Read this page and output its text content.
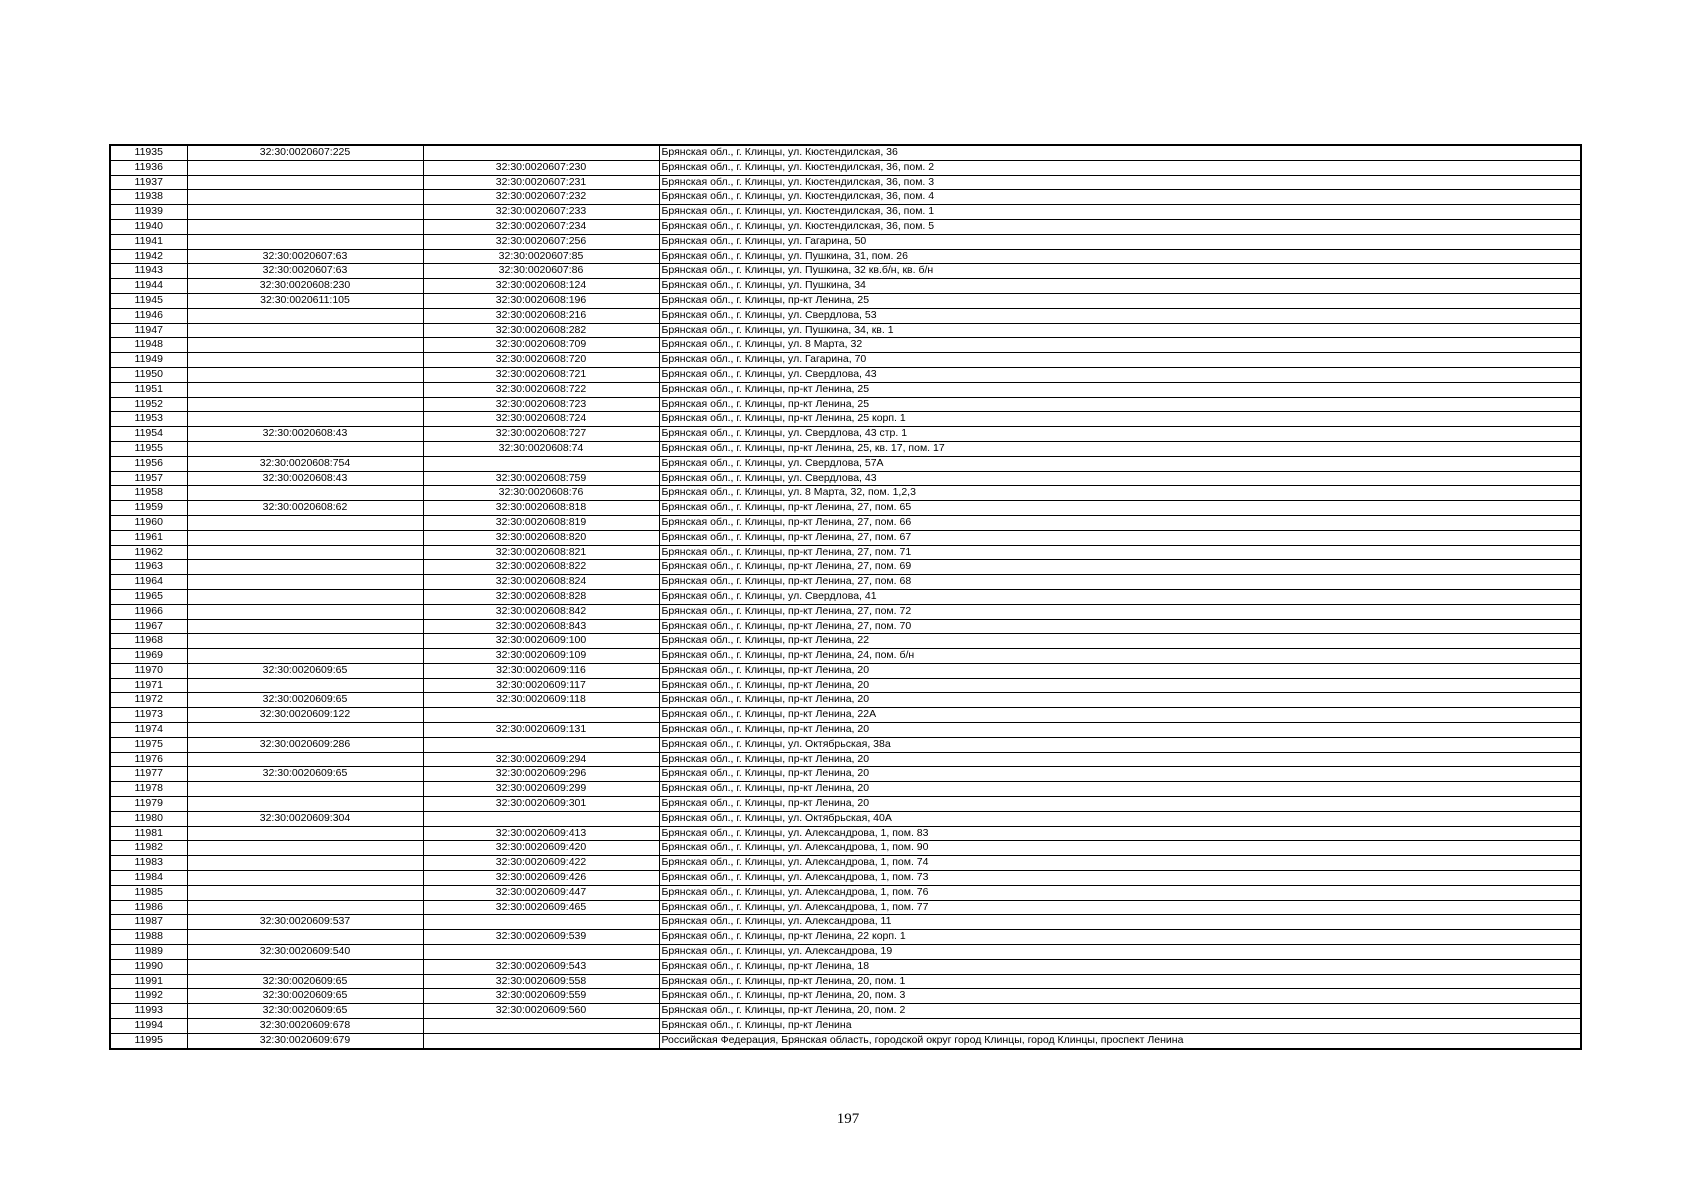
11935	32:30:0020607:225		Брянская обл., г. Клинцы, ул. Кюстендилская, 36
11936		32:30:0020607:230	Брянская обл., г. Клинцы, ул. Кюстендилская, 36, пом. 2
11937		32:30:0020607:231	Брянская обл., г. Клинцы, ул. Кюстендилская, 36, пом. 3
11938		32:30:0020607:232	Брянская обл., г. Клинцы, ул. Кюстендилская, 36, пом. 4
11939		32:30:0020607:233	Брянская обл., г. Клинцы, ул. Кюстендилская, 36, пом. 1
11940		32:30:0020607:234	Брянская обл., г. Клинцы, ул. Кюстендилская, 36, пом. 5
11941		32:30:0020607:256	Брянская обл., г. Клинцы, ул. Гагарина, 50
11942	32:30:0020607:63	32:30:0020607:85	Брянская обл., г. Клинцы, ул. Пушкина, 31, пом. 26
11943	32:30:0020607:63	32:30:0020607:86	Брянская обл., г. Клинцы, ул. Пушкина, 32 кв.б/н, кв. б/н
11944	32:30:0020608:230	32:30:0020608:124	Брянская обл., г. Клинцы, ул. Пушкина, 34
11945	32:30:0020611:105	32:30:0020608:196	Брянская обл., г. Клинцы, пр-кт Ленина, 25
11946		32:30:0020608:216	Брянская обл., г. Клинцы, ул. Свердлова, 53
11947		32:30:0020608:282	Брянская обл., г. Клинцы, ул. Пушкина, 34, кв. 1
11948		32:30:0020608:709	Брянская обл., г. Клинцы, ул. 8 Марта, 32
11949		32:30:0020608:720	Брянская обл., г. Клинцы, ул. Гагарина, 70
11950		32:30:0020608:721	Брянская обл., г. Клинцы, ул. Свердлова, 43
11951		32:30:0020608:722	Брянская обл., г. Клинцы, пр-кт Ленина, 25
11952		32:30:0020608:723	Брянская обл., г. Клинцы, пр-кт Ленина, 25
11953		32:30:0020608:724	Брянская обл., г. Клинцы, пр-кт Ленина, 25 корп. 1
11954	32:30:0020608:43	32:30:0020608:727	Брянская обл., г. Клинцы, ул. Свердлова, 43 стр. 1
11955		32:30:0020608:74	Брянская обл., г. Клинцы, пр-кт Ленина, 25, кв. 17, пом. 17
11956	32:30:0020608:754		Брянская обл., г. Клинцы, ул. Свердлова, 57А
11957	32:30:0020608:43	32:30:0020608:759	Брянская обл., г. Клинцы, ул. Свердлова, 43
11958		32:30:0020608:76	Брянская обл., г. Клинцы, ул. 8 Марта, 32, пом. 1,2,3
11959	32:30:0020608:62	32:30:0020608:818	Брянская обл., г. Клинцы, пр-кт Ленина, 27, пом. 65
11960		32:30:0020608:819	Брянская обл., г. Клинцы, пр-кт Ленина, 27, пом. 66
11961		32:30:0020608:820	Брянская обл., г. Клинцы, пр-кт Ленина, 27, пом. 67
11962		32:30:0020608:821	Брянская обл., г. Клинцы, пр-кт Ленина, 27, пом. 71
11963		32:30:0020608:822	Брянская обл., г. Клинцы, пр-кт Ленина, 27, пом. 69
11964		32:30:0020608:824	Брянская обл., г. Клинцы, пр-кт Ленина, 27, пом. 68
11965		32:30:0020608:828	Брянская обл., г. Клинцы, ул. Свердлова, 41
11966		32:30:0020608:842	Брянская обл., г. Клинцы, пр-кт Ленина, 27, пом. 72
11967		32:30:0020608:843	Брянская обл., г. Клинцы, пр-кт Ленина, 27, пом. 70
11968		32:30:0020609:100	Брянская обл., г. Клинцы, пр-кт Ленина, 22
11969		32:30:0020609:109	Брянская обл., г. Клинцы, пр-кт Ленина, 24, пом. б/н
11970	32:30:0020609:65	32:30:0020609:116	Брянская обл., г. Клинцы, пр-кт Ленина, 20
11971		32:30:0020609:117	Брянская обл., г. Клинцы, пр-кт Ленина, 20
11972	32:30:0020609:65	32:30:0020609:118	Брянская обл., г. Клинцы, пр-кт Ленина, 20
11973	32:30:0020609:122		Брянская обл., г. Клинцы, пр-кт Ленина, 22А
11974		32:30:0020609:131	Брянская обл., г. Клинцы, пр-кт Ленина, 20
11975	32:30:0020609:286		Брянская обл., г. Клинцы, ул. Октябрьская, 38а
11976		32:30:0020609:294	Брянская обл., г. Клинцы, пр-кт Ленина, 20
11977	32:30:0020609:65	32:30:0020609:296	Брянская обл., г. Клинцы, пр-кт Ленина, 20
11978		32:30:0020609:299	Брянская обл., г. Клинцы, пр-кт Ленина, 20
11979		32:30:0020609:301	Брянская обл., г. Клинцы, пр-кт Ленина, 20
11980	32:30:0020609:304		Брянская обл., г. Клинцы, ул. Октябрьская, 40А
11981		32:30:0020609:413	Брянская обл., г. Клинцы, ул. Александрова, 1, пом. 83
11982		32:30:0020609:420	Брянская обл., г. Клинцы, ул. Александрова, 1, пом. 90
11983		32:30:0020609:422	Брянская обл., г. Клинцы, ул. Александрова, 1, пом. 74
11984		32:30:0020609:426	Брянская обл., г. Клинцы, ул. Александрова, 1, пом. 73
11985		32:30:0020609:447	Брянская обл., г. Клинцы, ул. Александрова, 1, пом. 76
11986		32:30:0020609:465	Брянская обл., г. Клинцы, ул. Александрова, 1, пом. 77
11987	32:30:0020609:537		Брянская обл., г. Клинцы, ул. Александрова, 11
11988		32:30:0020609:539	Брянская обл., г. Клинцы, пр-кт Ленина, 22 корп. 1
11989	32:30:0020609:540		Брянская обл., г. Клинцы, ул. Александрова, 19
11990		32:30:0020609:543	Брянская обл., г. Клинцы, пр-кт Ленина, 18
11991	32:30:0020609:65	32:30:0020609:558	Брянская обл., г. Клинцы, пр-кт Ленина, 20, пом. 1
11992	32:30:0020609:65	32:30:0020609:559	Брянская обл., г. Клинцы, пр-кт Ленина, 20, пом. 3
11993	32:30:0020609:65	32:30:0020609:560	Брянская обл., г. Клинцы, пр-кт Ленина, 20, пом. 2
11994	32:30:0020609:678		Брянская обл., г. Клинцы, пр-кт Ленина
11995	32:30:0020609:679		Российская Федерация, Брянская область, городской округ город Клинцы, город Клинцы, проспект Ленина
197
